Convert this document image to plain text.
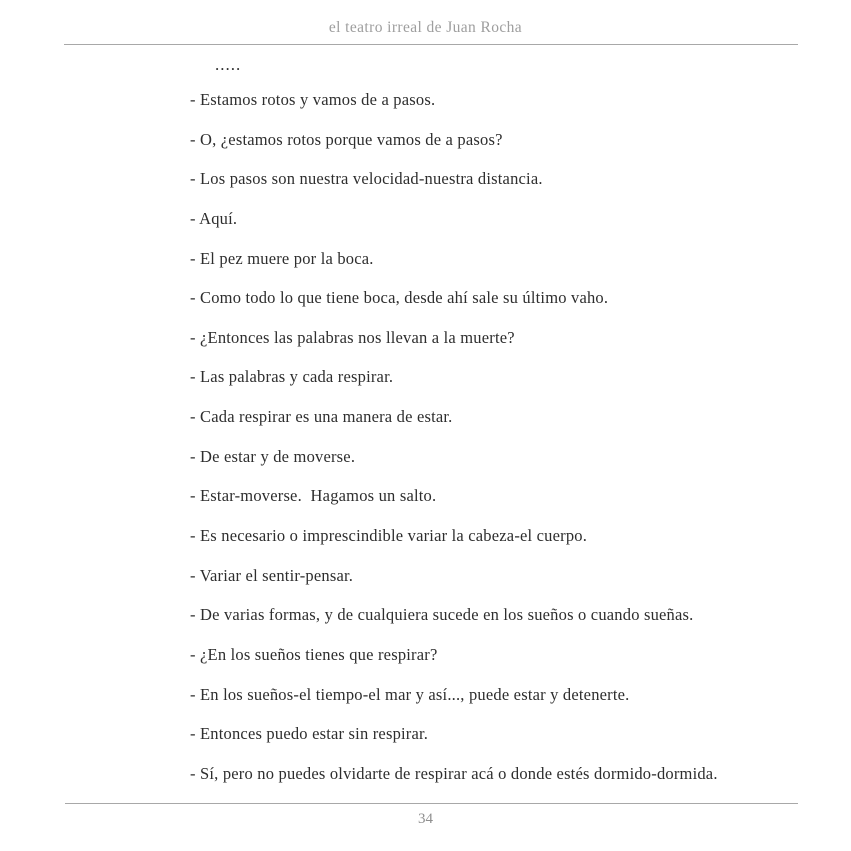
el teatro irreal de Juan Rocha
.....

- Estamos rotos y vamos de a pasos.

- O, ¿estamos rotos porque vamos de a pasos?

- Los pasos son nuestra velocidad-nuestra distancia.

- Aquí.

- El pez muere por la boca.

- Como todo lo que tiene boca, desde ahí sale su último vaho.

- ¿Entonces las palabras nos llevan a la muerte?

- Las palabras y cada respirar.

- Cada respirar es una manera de estar.

- De estar y de moverse.

- Estar-moverse.  Hagamos un salto.

- Es necesario o imprescindible variar la cabeza-el cuerpo.

- Variar el sentir-pensar.

- De varias formas, y de cualquiera sucede en los sueños o cuando sueñas.

- ¿En los sueños tienes que respirar?

- En los sueños-el tiempo-el mar y así..., puede estar y detenerte.

- Entonces puedo estar sin respirar.

- Sí, pero no puedes olvidarte de respirar acá o donde estés dormido-dormida.

34
